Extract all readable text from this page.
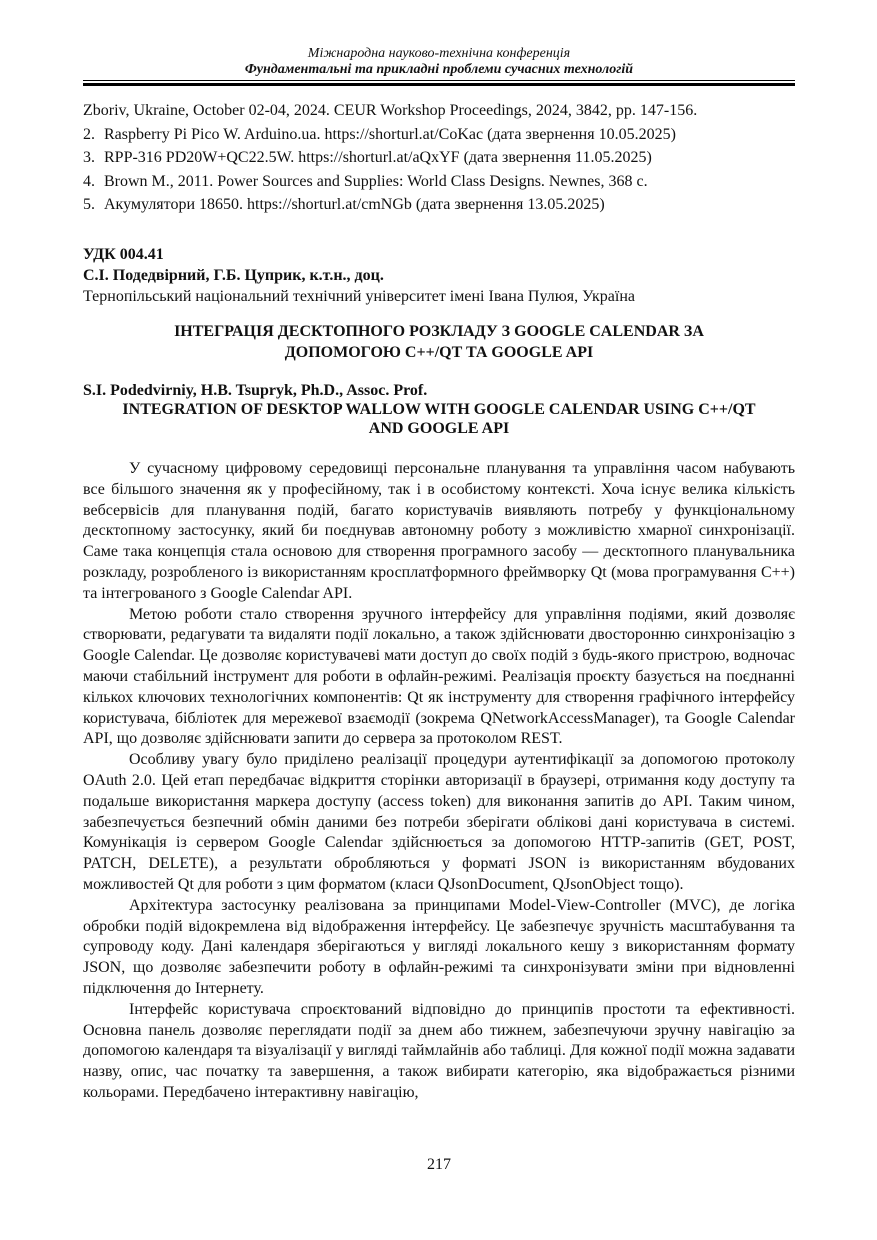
Міжнародна науково-технічна конференція
Фундаментальні та прикладні проблеми сучасних технологій
Zboriv, Ukraine, October 02-04, 2024. CEUR Workshop Proceedings, 2024, 3842, pp. 147-156.
2. Raspberry Pi Pico W. Arduino.ua. https://shorturl.at/CoKac (дата звернення 10.05.2025)
3. RPP-316 PD20W+QC22.5W. https://shorturl.at/aQxYF (дата звернення 11.05.2025)
4. Brown M., 2011. Power Sources and Supplies: World Class Designs. Newnes, 368 с.
5. Акумулятори 18650. https://shorturl.at/cmNGb (дата звернення 13.05.2025)
УДК 004.41
С.І. Подедвірний, Г.Б. Цуприк, к.т.н., доц.
Тернопільський національний технічний університет імені Івана Пулюя, Україна
ІНТЕГРАЦІЯ ДЕСКТОПНОГО РОЗКЛАДУ З GOOGLE CALENDAR ЗА
ДОПОМОГОЮ C++/QT ТА GOOGLE API
S.I. Podedvirniy, H.B. Tsupryk, Ph.D., Assoc. Prof.
INTEGRATION OF DESKTOP WALLOW WITH GOOGLE CALENDAR USING C++/QT
AND GOOGLE API

У сучасному цифровому середовищі персональне планування та управління часом набувають все більшого значення як у професійному, так і в особистому контексті. Хоча існує велика кількість вебсервісів для планування подій, багато користувачів виявляють потребу у функціональному десктопному застосунку, який би поєднував автономну роботу з можливістю хмарної синхронізації. Саме така концепція стала основою для створення програмного засобу — десктопного планувальника розкладу, розробленого із використанням кросплатформного фреймворку Qt (мова програмування C++) та інтегрованого з Google Calendar API.

Метою роботи стало створення зручного інтерфейсу для управління подіями, який дозволяє створювати, редагувати та видаляти події локально, а також здійснювати двосторонню синхронізацію з Google Calendar. Це дозволяє користувачеві мати доступ до своїх подій з будь-якого пристрою, водночас маючи стабільний інструмент для роботи в офлайн-режимі. Реалізація проєкту базується на поєднанні кількох ключових технологічних компонентів: Qt як інструменту для створення графічного інтерфейсу користувача, бібліотек для мережевої взаємодії (зокрема QNetworkAccessManager), та Google Calendar API, що дозволяє здійснювати запити до сервера за протоколом REST.

Особливу увагу було приділено реалізації процедури аутентифікації за допомогою протоколу OAuth 2.0. Цей етап передбачає відкриття сторінки авторизації в браузері, отримання коду доступу та подальше використання маркера доступу (access token) для виконання запитів до API. Таким чином, забезпечується безпечний обмін даними без потреби зберігати облікові дані користувача в системі. Комунікація із сервером Google Calendar здійснюється за допомогою HTTP-запитів (GET, POST, PATCH, DELETE), а результати обробляються у форматі JSON із використанням вбудованих можливостей Qt для роботи з цим форматом (класи QJsonDocument, QJsonObject тощо).

Архітектура застосунку реалізована за принципами Model-View-Controller (MVC), де логіка обробки подій відокремлена від відображення інтерфейсу. Це забезпечує зручність масштабування та супроводу коду. Дані календаря зберігаються у вигляді локального кешу з використанням формату JSON, що дозволяє забезпечити роботу в офлайн-режимі та синхронізувати зміни при відновленні підключення до Інтернету.

Інтерфейс користувача спроєктований відповідно до принципів простоти та ефективності. Основна панель дозволяє переглядати події за днем або тижнем, забезпечуючи зручну навігацію за допомогою календаря та візуалізації у вигляді таймлайнів або таблиці. Для кожної події можна задавати назву, опис, час початку та завершення, а також вибирати категорію, яка відображається різними кольорами. Передбачено інтерактивну навігацію,

217
